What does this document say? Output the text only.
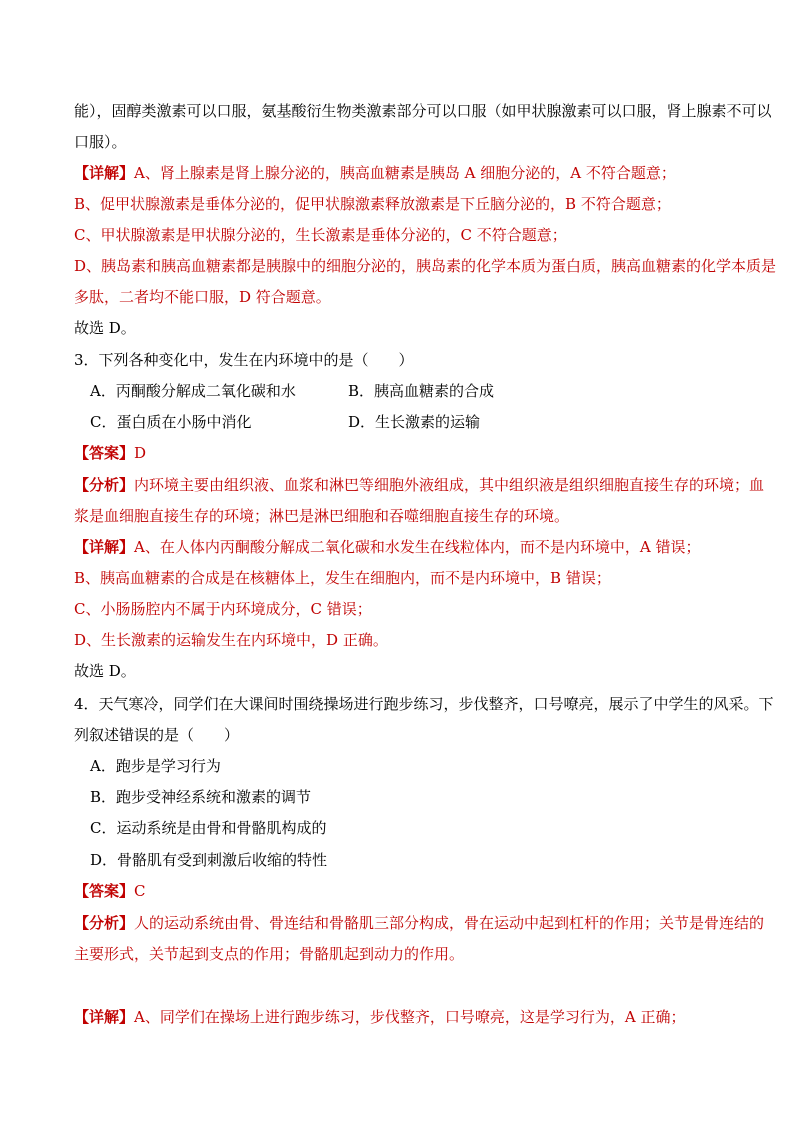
能），固醇类激素可以口服，氨基酸衍生物类激素部分可以口服（如甲状腺激素可以口服，肾上腺素不可以
口服）。
【详解】A、肾上腺素是肾上腺分泌的，胰高血糖素是胰岛 A 细胞分泌的，A 不符合题意；
B、促甲状腺激素是垂体分泌的，促甲状腺激素释放激素是下丘脑分泌的，B 不符合题意；
C、甲状腺激素是甲状腺分泌的，生长激素是垂体分泌的，C 不符合题意；
D、胰岛素和胰高血糖素都是胰腺中的细胞分泌的，胰岛素的化学本质为蛋白质，胰高血糖素的化学本质是
多肽，二者均不能口服，D 符合题意。
故选 D。
3．下列各种变化中，发生在内环境中的是（　　）
A．丙酮酸分解成二氧化碳和水	B．胰高血糖素的合成
C．蛋白质在小肠中消化	D．生长激素的运输
【答案】D
【分析】内环境主要由组织液、血浆和淋巴等细胞外液组成，其中组织液是组织细胞直接生存的环境；血
浆是血细胞直接生存的环境；淋巴是淋巴细胞和吞噬细胞直接生存的环境。
【详解】A、在人体内丙酮酸分解成二氧化碳和水发生在线粒体内，而不是内环境中，A 错误；
B、胰高血糖素的合成是在核糖体上，发生在细胞内，而不是内环境中，B 错误；
C、小肠肠腔内不属于内环境成分，C 错误；
D、生长激素的运输发生在内环境中，D 正确。
故选 D。
4．天气寒冷，同学们在大课间时围绕操场进行跑步练习，步伐整齐，口号嘹亮，展示了中学生的风采。下
列叙述错误的是（　　）
A．跑步是学习行为
B．跑步受神经系统和激素的调节
C．运动系统是由骨和骨骼肌构成的
D．骨骼肌有受到刺激后收缩的特性
【答案】C
【分析】人的运动系统由骨、骨连结和骨骼肌三部分构成，骨在运动中起到杠杆的作用；关节是骨连结的
主要形式，关节起到支点的作用；骨骼肌起到动力的作用。
【详解】A、同学们在操场上进行跑步练习，步伐整齐，口号嘹亮，这是学习行为，A 正确；
